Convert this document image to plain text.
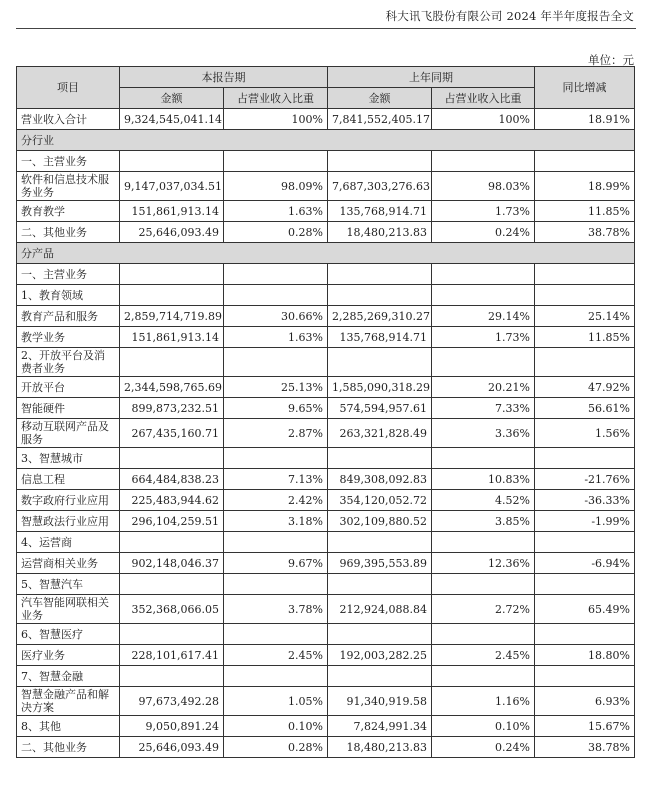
科大讯飞股份有限公司 2024 年半年度报告全文
单位：元
项目	本报告期		上年同期		同比增减
	金额	占营业收入比重	金额	占营业收入比重	
营业收入合计	9,324,545,041.14	100%	7,841,552,405.17	100%	18.91%
分行业					
一、主营业务					
软件和信息技术服务业务	9,147,037,034.51	98.09%	7,687,303,276.63	98.03%	18.99%
教育教学	151,861,913.14	1.63%	135,768,914.71	1.73%	11.85%
二、其他业务	25,646,093.49	0.28%	18,480,213.83	0.24%	38.78%
分产品					
一、主营业务					
1、教育领域					
教育产品和服务	2,859,714,719.89	30.66%	2,285,269,310.27	29.14%	25.14%
教学业务	151,861,913.14	1.63%	135,768,914.71	1.73%	11.85%
2、开放平台及消费者业务					
开放平台	2,344,598,765.69	25.13%	1,585,090,318.29	20.21%	47.92%
智能硬件	899,873,232.51	9.65%	574,594,957.61	7.33%	56.61%
移动互联网产品及服务	267,435,160.71	2.87%	263,321,828.49	3.36%	1.56%
3、智慧城市					
信息工程	664,484,838.23	7.13%	849,308,092.83	10.83%	-21.76%
数字政府行业应用	225,483,944.62	2.42%	354,120,052.72	4.52%	-36.33%
智慧政法行业应用	296,104,259.51	3.18%	302,109,880.52	3.85%	-1.99%
4、运营商					
运营商相关业务	902,148,046.37	9.67%	969,395,553.89	12.36%	-6.94%
5、智慧汽车					
汽车智能网联相关业务	352,368,066.05	3.78%	212,924,088.84	2.72%	65.49%
6、智慧医疗					
医疗业务	228,101,617.41	2.45%	192,003,282.25	2.45%	18.80%
7、智慧金融					
智慧金融产品和解决方案	97,673,492.28	1.05%	91,340,919.58	1.16%	6.93%
8、其他	9,050,891.24	0.10%	7,824,991.34	0.10%	15.67%
二、其他业务	25,646,093.49	0.28%	18,480,213.83	0.24%	38.78%
